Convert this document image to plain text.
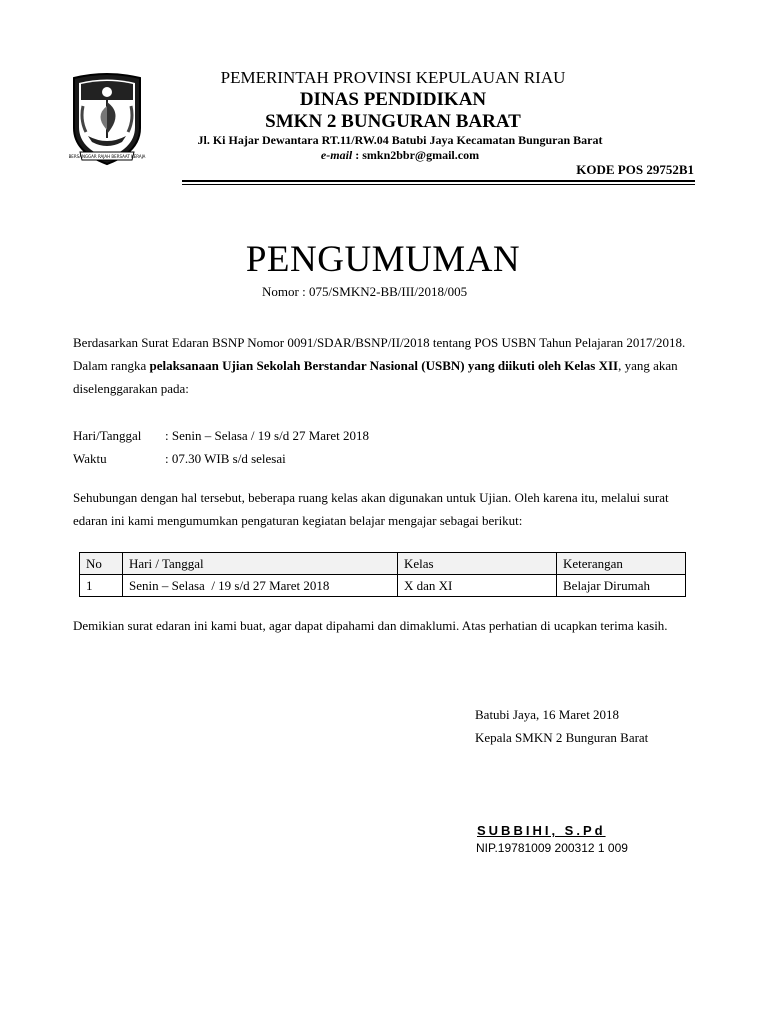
BERSANGGAR RAJAH BERSAAT KERAJA
PEMERINTAH PROVINSI KEPULAUAN RIAU
DINAS PENDIDIKAN
SMKN 2 BUNGURAN BARAT
Jl. Ki Hajar Dewantara RT.11/RW.04 Batubi Jaya Kecamatan Bunguran Barat
e-mail : smkn2bbr@gmail.com
KODE POS 29752B1
PENGUMUMAN
Nomor : 075/SMKN2-BB/III/2018/005
Berdasarkan Surat Edaran BSNP Nomor 0091/SDAR/BSNP/II/2018 tentang POS USBN Tahun Pelajaran 2017/2018. Dalam rangka pelaksanaan Ujian Sekolah Berstandar Nasional (USBN) yang diikuti oleh Kelas XII, yang akan diselenggarakan pada:
Hari/Tanggal : Senin – Selasa / 19 s/d 27 Maret 2018
Waktu	: 07.30 WIB s/d selesai
Sehubungan dengan hal tersebut, beberapa ruang kelas akan digunakan untuk Ujian. Oleh karena itu, melalui surat edaran ini kami mengumumkan pengaturan kegiatan belajar mengajar sebagai berikut:
No	Hari / Tanggal	Kelas	Keterangan
1	Senin – Selasa  / 19 s/d 27 Maret 2018	X dan XI	Belajar Dirumah
Demikian surat edaran ini kami buat, agar dapat dipahami dan dimaklumi. Atas perhatian di ucapkan terima kasih.
Batubi Jaya, 16 Maret 2018
Kepala SMKN 2 Bunguran Barat
SUBBIHI, S.Pd
NIP.19781009 200312 1 009
